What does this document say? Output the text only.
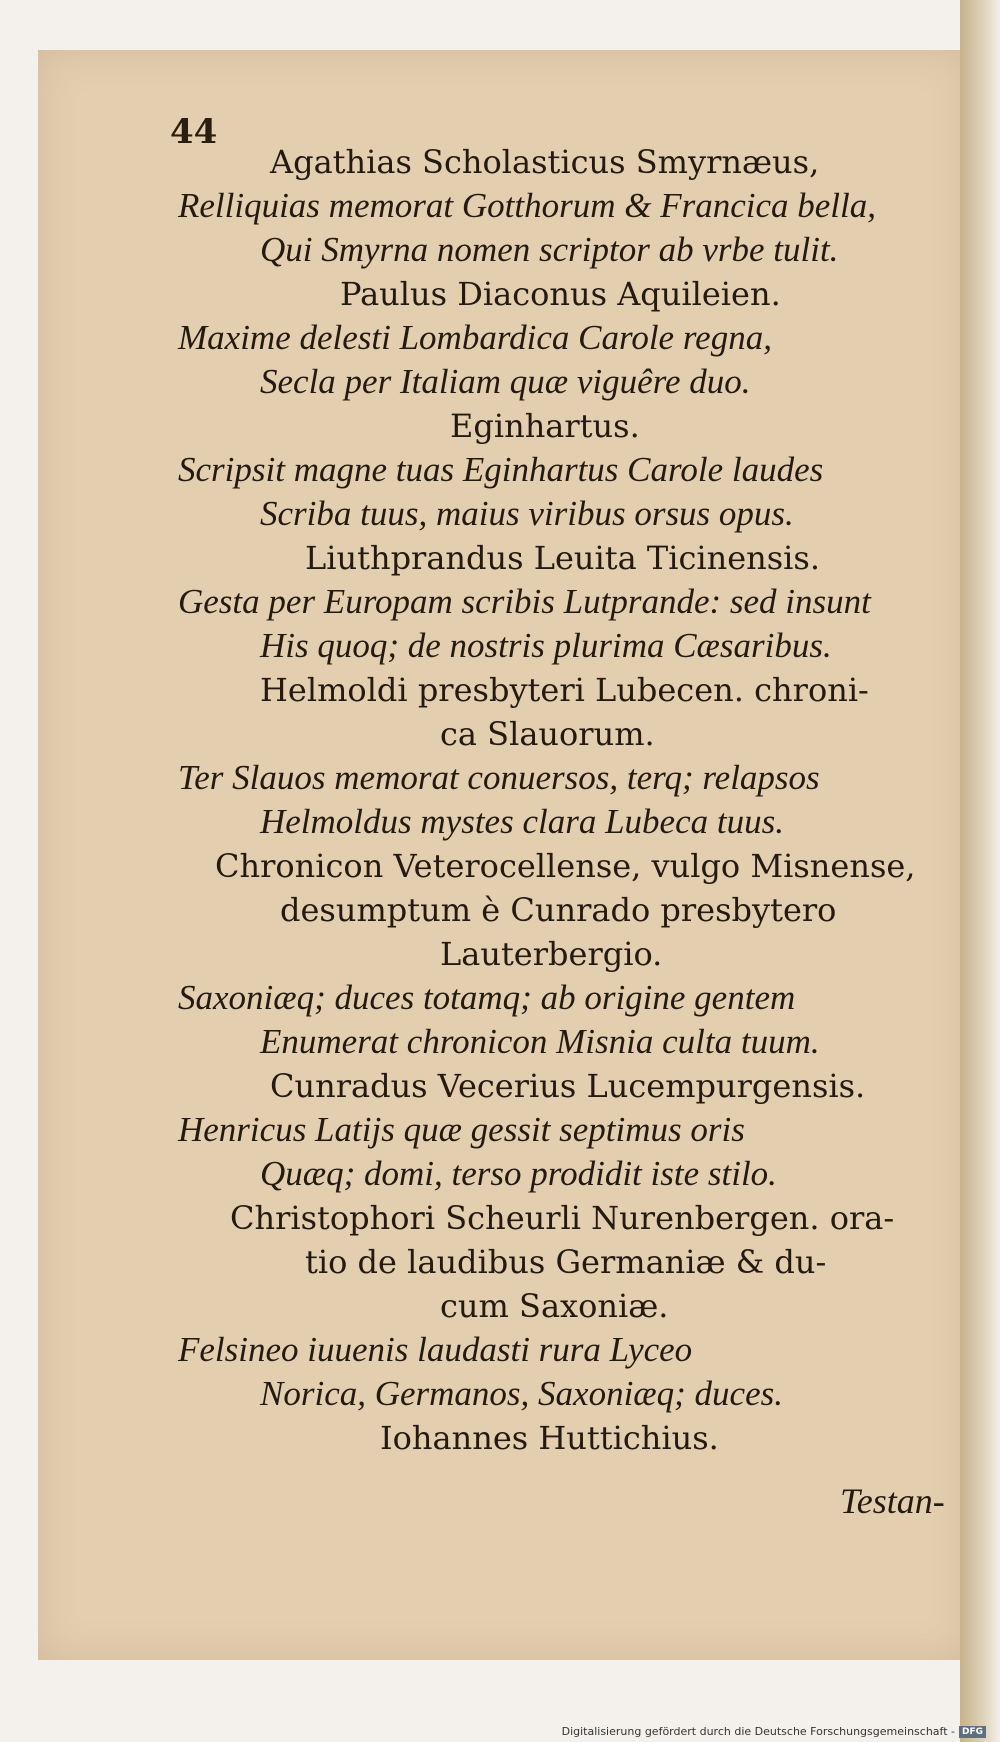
44
Agathias Scholasticus Smyrnæus,
Relliquias memorat Gotthorum & Francica bella,
Qui Smyrna nomen scriptor ab vrbe tulit.
Paulus Diaconus Aquileien.
Maxime delesti Lombardica Carole regna,
Secla per Italiam quæ viguêre duo.
Eginhartus.
Scripsit magne tuas Eginhartus Carole laudes
Scriba tuus, maius viribus orsus opus.
Liuthprandus Leuita Ticinensis.
Gesta per Europam scribis Lutprande: sed insunt
His quoq; de nostris plurima Cæsaribus.
Helmoldi presbyteri Lubecen. chroni-
ca Slauorum.
Ter Slauos memorat conuersos, terq; relapsos
Helmoldus mystes clara Lubeca tuus.
Chronicon Veterocellense, vulgo Misnense,
desumptum è Cunrado presbytero
Lauterbergio.
Saxoniæq; duces totamq; ab origine gentem
Enumerat chronicon Misnia culta tuum.
Cunradus Vecerius Lucempurgensis.
Henricus Latijs quæ gessit septimus oris
Quæq; domi, terso prodidit iste stilo.
Christophori Scheurli Nurenbergen. ora-
tio de laudibus Germaniæ & du-
cum Saxoniæ.
Felsineo iuuenis laudasti rura Lyceo
Norica, Germanos, Saxoniæq; duces.
Iohannes Huttichius.
Testan-
Digitalisierung gefördert durch die Deutsche Forschungsgemeinschaft - DFG
